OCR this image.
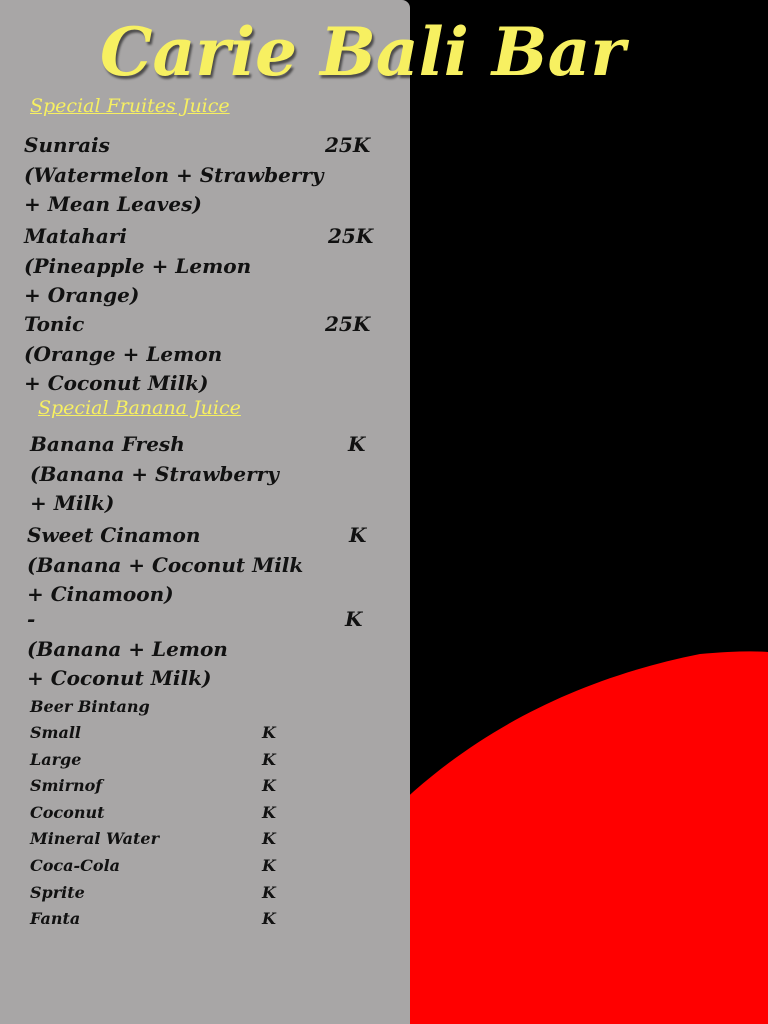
Carie Bali Bar
Special Fruites Juice
Sunrais	25K
(Watermelon + Strawberry
+ Mean Leaves)
Matahari	25K
(Pineapple + Lemon
+ Orange)
Tonic	25K
(Orange + Lemon
+ Coconut Milk)
Special Banana Juice
Banana Fresh	K
(Banana + Strawberry
+ Milk)
Sweet Cinamon	K
(Banana + Coconut Milk
+ Cinamoon)
-	K
(Banana + Lemon
+ Coconut Milk)
Beer Bintang
Small	K
Large	K
Smirnof	K
Coconut	K
Mineral Water	K
Coca-Cola	K
Sprite	K
Fanta	K
